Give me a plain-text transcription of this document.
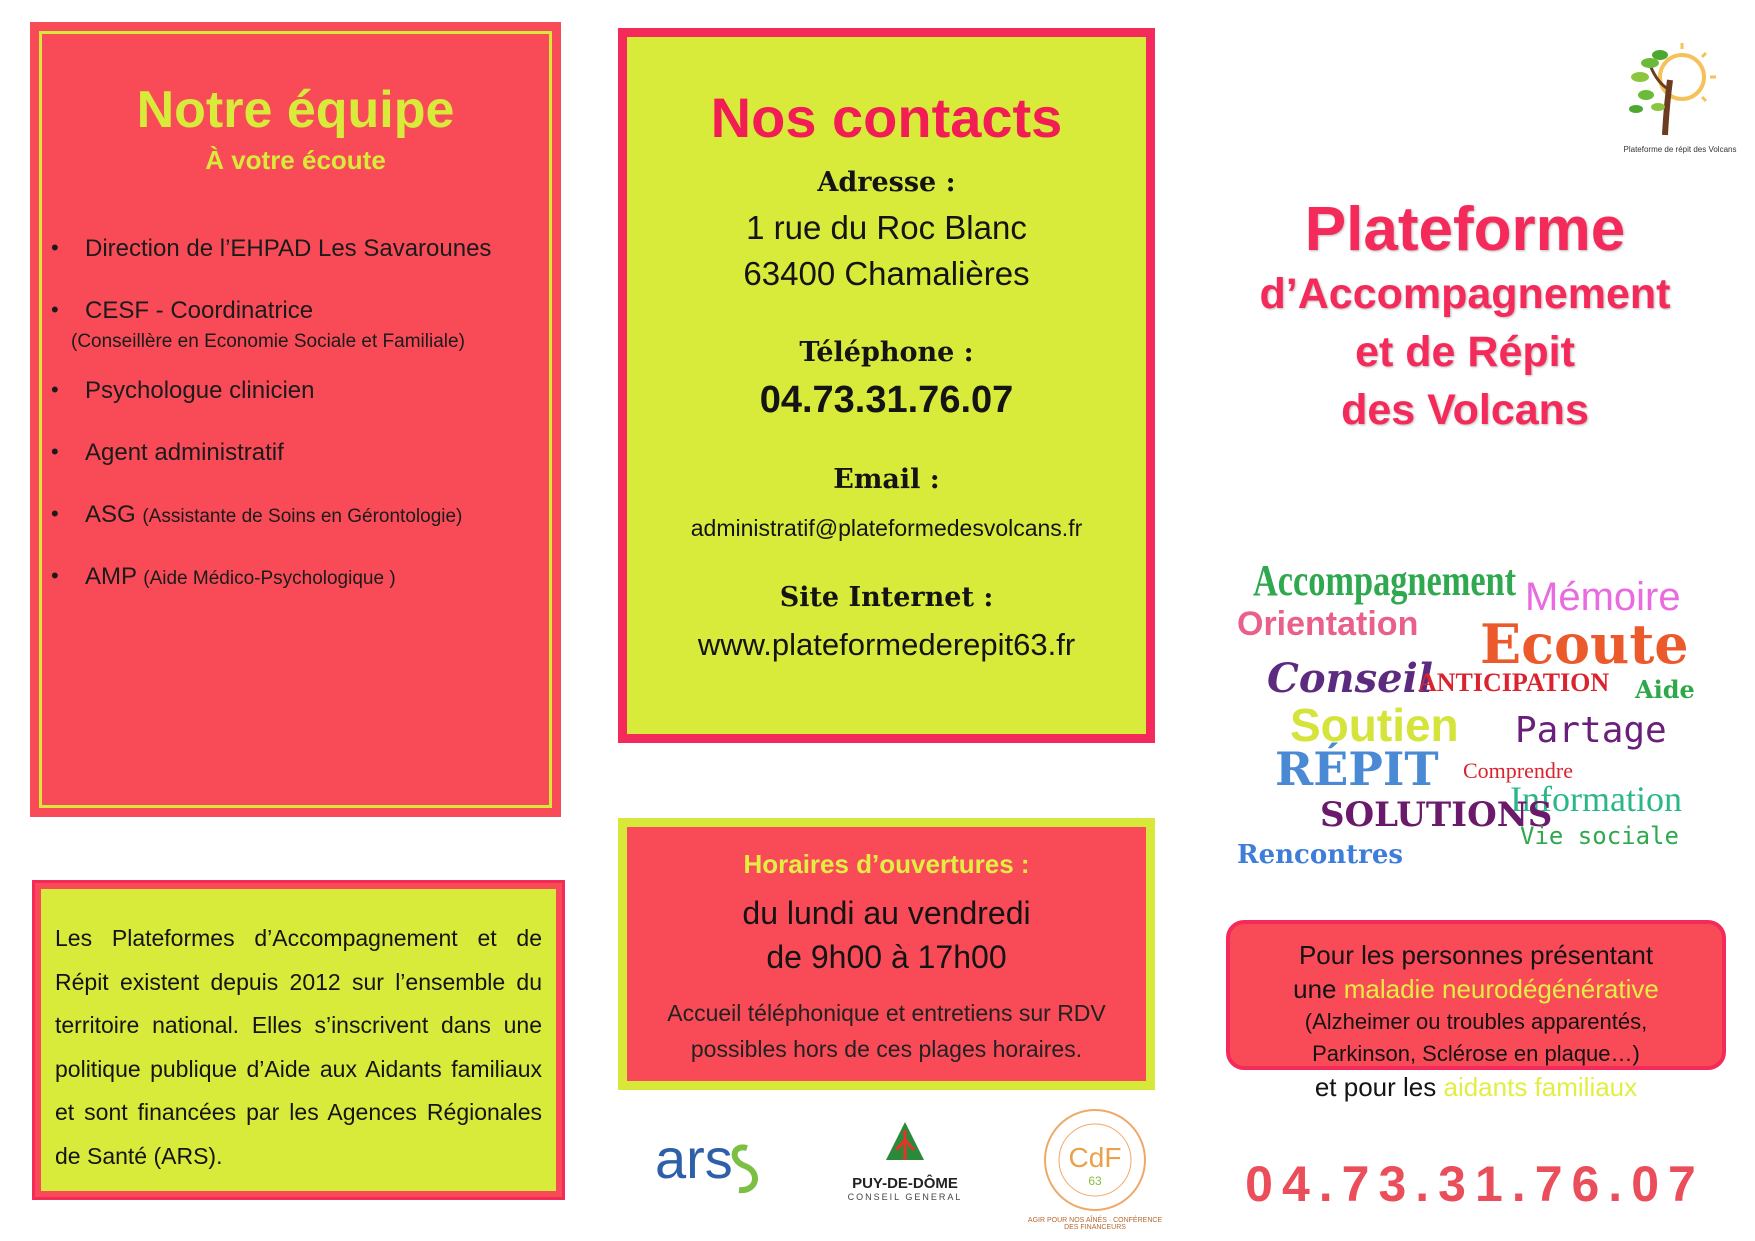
Notre équipe
À votre écoute
• Direction de l’EHPAD Les Savarounes
• CESF - Coordinatrice
(Conseillère en Economie Sociale et Familiale)
• Psychologue clinicien
• Agent administratif
• ASG (Assistante de Soins en Gérontologie)
• AMP (Aide Médico-Psychologique )
Nos contacts
Adresse :
1 rue du Roc Blanc
63400 Chamalières
Téléphone :
04.73.31.76.07
Email :
administratif@plateformedesvolcans.fr
Site Internet :
www.plateformederepit63.fr
Horaires d’ouvertures :
du lundi au vendredi
de 9h00 à 17h00
Accueil téléphonique et entretiens sur RDV possibles hors de ces plages horaires.
Les Plateformes d’Accompagnement et de Répit existent depuis 2012 sur l’ensemble du territoire national. Elles s’inscrivent dans une politique publique d’Aide aux Aidants familiaux et sont financées par les Agences Régionales de Santé (ARS).
Plateforme de répit des Volcans
Plateforme
d’Accompagnement
et de Répit
des Volcans
Accompagnement Mémoire
Orientation Ecoute
Conseil
ANTICIPATION Aide
Soutien Partage
RÉPIT Comprendre
Information
SOLUTIONS
Vie sociale
Rencontres
Pour les personnes présentant
une maladie neurodégénérative
(Alzheimer ou troubles apparentés,
Parkinson, Sclérose en plaque…)
et pour les aidants familiaux
04.73.31.76.07
ars	PUY-DE-DÔME
CONSEIL GENERAL
CdF
63
AGIR POUR NOS AÎNÉS · CONFÉRENCE DES FINANCEURS
